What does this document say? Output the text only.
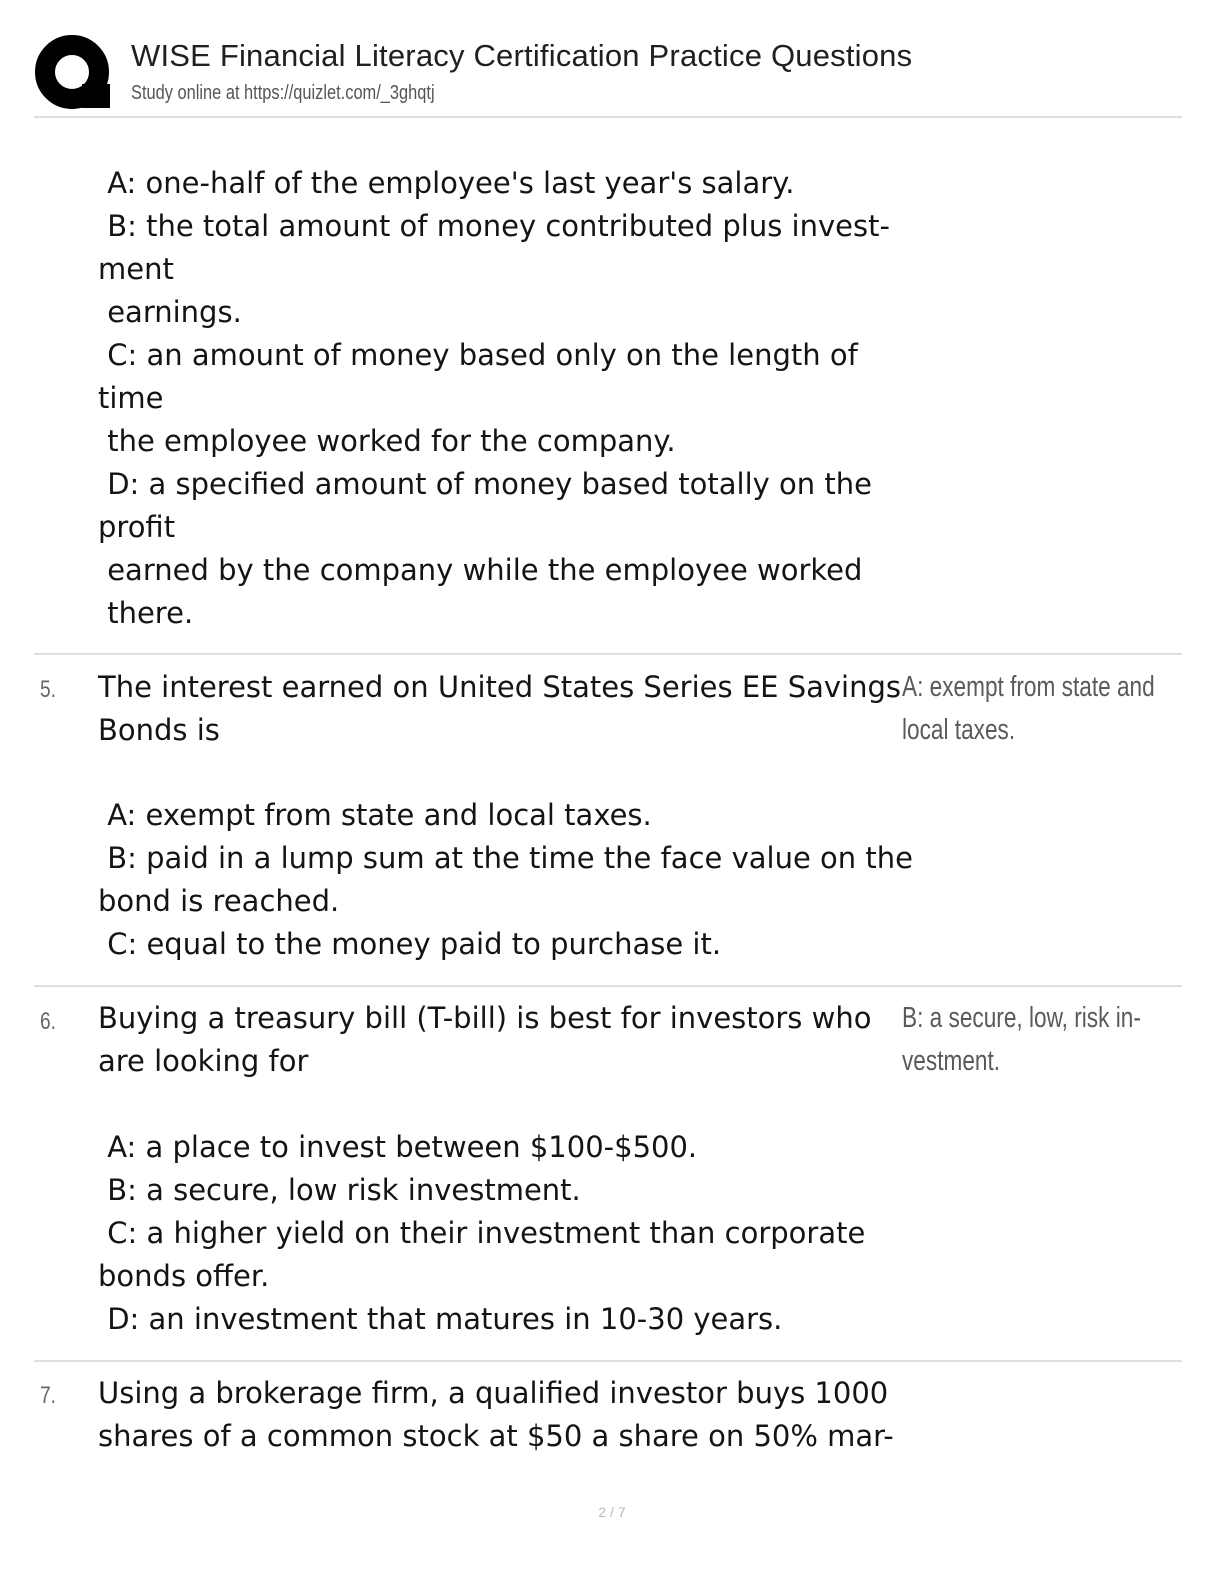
WISE Financial Literacy Certification Practice Questions
Study online at https://quizlet.com/_3ghqtj
A: one-half of the employee's last year's salary.
B: the total amount of money contributed plus invest-
ment
earnings.
C: an amount of money based only on the length of
time
the employee worked for the company.
D: a specified amount of money based totally on the
profit
earned by the company while the employee worked
there.
5. The interest earned on United States Series EE Savings
Bonds is
A: exempt from state and
local taxes.
A: exempt from state and local taxes.
B: paid in a lump sum at the time the face value on the
bond is reached.
C: equal to the money paid to purchase it.
6. Buying a treasury bill (T-bill) is best for investors who
are looking for
B: a secure, low, risk in-
vestment.
A: a place to invest between $100-$500.
B: a secure, low risk investment.
C: a higher yield on their investment than corporate
bonds offer.
D: an investment that matures in 10-30 years.
7. Using a brokerage firm, a qualified investor buys 1000
shares of a common stock at $50 a share on 50% mar-
2 / 7
